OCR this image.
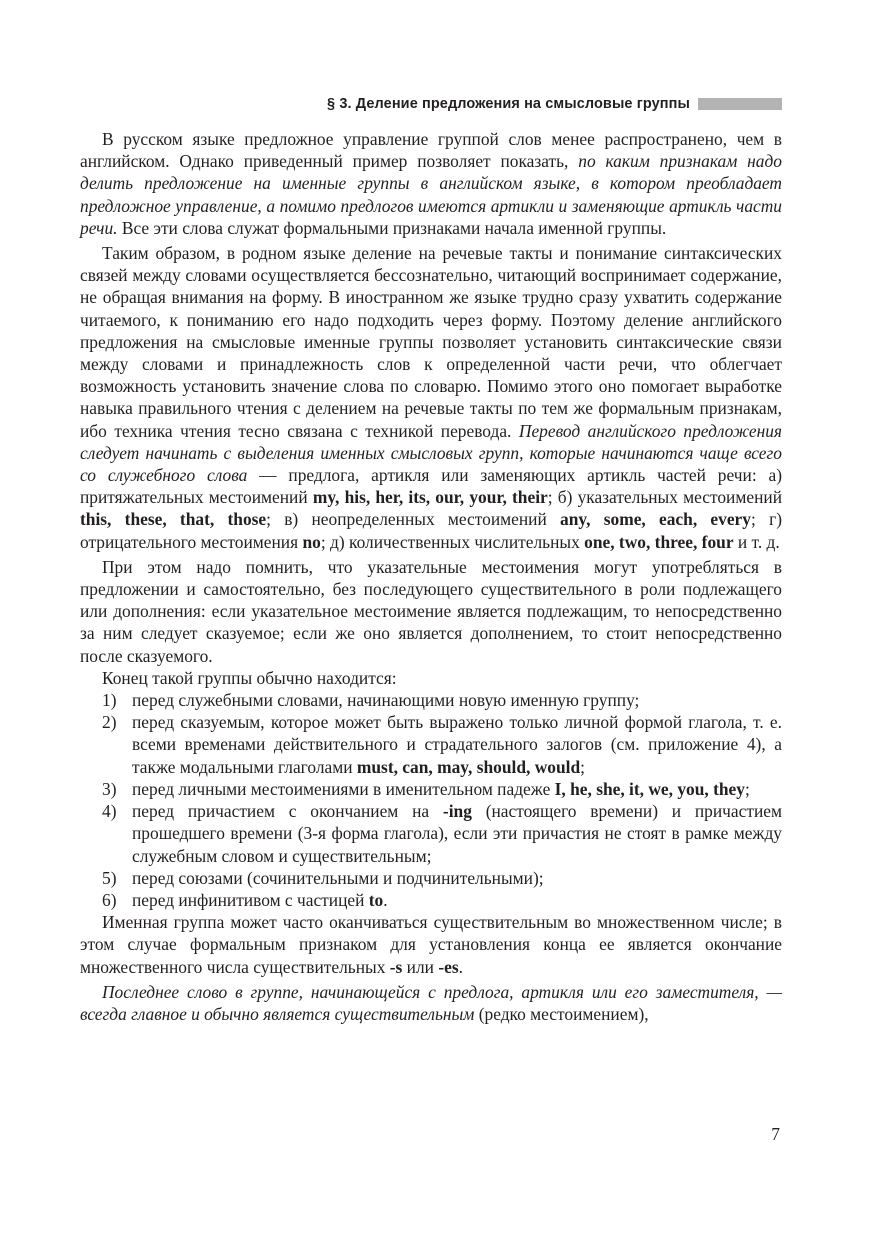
§ 3. Деление предложения на смысловые группы

В русском языке предложное управление группой слов менее распространено, чем в английском. Однако приведенный пример позволяет показать, по каким признакам надо делить предложение на именные группы в английском языке, в котором преобладает предложное управление, а помимо предлогов имеются артикли и заменяющие артикль части речи. Все эти слова служат формальными признаками начала именной группы.

Таким образом, в родном языке деление на речевые такты и понимание синтаксических связей между словами осуществляется бессознательно, читающий воспринимает содержание, не обращая внимания на форму. В иностранном же языке трудно сразу ухватить содержание читаемого, к пониманию его надо подходить через форму. Поэтому деление английского предложения на смысловые именные группы позволяет установить синтаксические связи между словами и принадлежность слов к определенной части речи, что облегчает возможность установить значение слова по словарю. Помимо этого оно помогает выработке навыка правильного чтения с делением на речевые такты по тем же формальным признакам, ибо техника чтения тесно связана с техникой перевода. Перевод английского предложения следует начинать с выделения именных смысловых групп, которые начинаются чаще всего со служебного слова — предлога, артикля или заменяющих артикль частей речи: а) притяжательных местоимений my, his, her, its, our, your, their; б) указательных местоимений this, these, that, those; в) неопределенных местоимений any, some, each, every; г) отрицательного местоимения no; д) количественных числительных one, two, three, four и т. д.

При этом надо помнить, что указательные местоимения могут употребляться в предложении и самостоятельно, без последующего существительного в роли подлежащего или дополнения: если указательное местоимение является подлежащим, то непосредственно за ним следует сказуемое; если же оно является дополнением, то стоит непосредственно после сказуемого.

Конец такой группы обычно находится:

1) перед служебными словами, начинающими новую именную группу;
2) перед сказуемым, которое может быть выражено только личной формой глагола, т. е. всеми временами действительного и страдательного залогов (см. приложение 4), а также модальными глаголами must, can, may, should, would;
3) перед личными местоимениями в именительном падеже I, he, she, it, we, you, they;
4) перед причастием с окончанием на -ing (настоящего времени) и причастием прошедшего времени (3-я форма глагола), если эти причастия не стоят в рамке между служебным словом и существительным;
5) перед союзами (сочинительными и подчинительными);
6) перед инфинитивом с частицей to.

Именная группа может часто оканчиваться существительным во множественном числе; в этом случае формальным признаком для установления конца ее является окончание множественного числа существительных -s или -es.

Последнее слово в группе, начинающейся с предлога, артикля или его заместителя, — всегда главное и обычно является существительным (редко местоимением),

7
